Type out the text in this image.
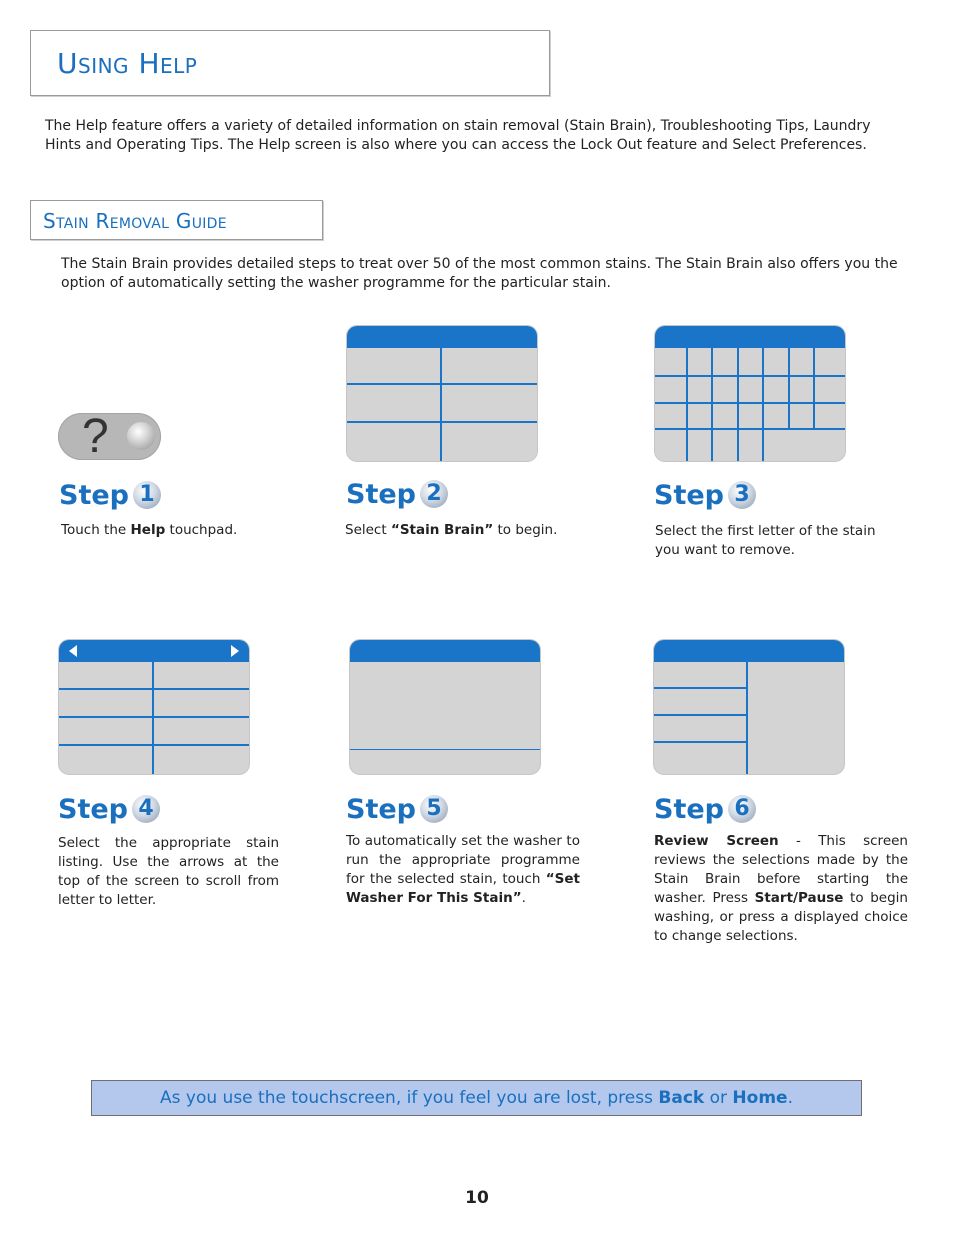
Using Help

The Help feature offers a variety of detailed information on stain removal (Stain Brain), Troubleshooting Tips, Laundry Hints and Operating Tips. The Help screen is also where you can access the Lock Out feature and Select Preferences.

Stain Removal Guide

The Stain Brain provides detailed steps to treat over 50 of the most common stains. The Stain Brain also offers you the option of automatically setting the washer programme for the particular stain.

?
Step 1	Step 2	Step 3
Step 4	Step 5	Step 6

Touch the Help touchpad.	Select “Stain Brain” to begin.	Select the first letter of the stain you want to remove.

Select the appropriate stain listing. Use the arrows at the top of the screen to scroll from letter to letter.

To automatically set the washer to run the appropriate programme for the selected stain, touch “Set Washer For This Stain”.

Review Screen - This screen reviews the selections made by the Stain Brain before starting the washer. Press Start/Pause to begin washing, or press a displayed choice to change selections.

As you use the touchscreen, if you feel you are lost, press Back or Home.
10
